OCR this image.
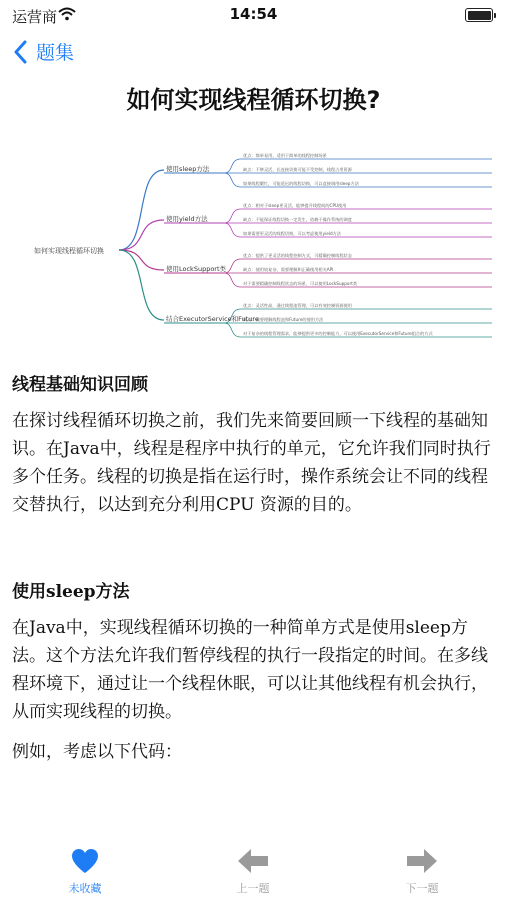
运营商	14:54
题集
如何实现线程循环切换?
如何实现线程循环切换
使用sleep方法
优点：简单易用，适用于简单的线程控制场景
缺点：不够灵活，长连接切换可能不受控制，线程占用资源
如果线程繁忙，可能延迟的线程切换，可以直接调用sleep方法
使用yield方法
优点：相对于sleep更灵活，能够提升线程间的CPU使用
缺点：不能保证线程切换一定发生，依赖于操作系统的调度
如果需要更灵活的线程切换，可以考虑使用yield方法
使用LockSupport类
优点：提供了更灵活的线程控制方式，可精确控制线程状态
缺点：使用较复杂，需要理解和正确使用相关API
对于需要精确控制线程状态的场景，可以使用LockSupport类
结合ExecutorService和Future
优点：灵活性高，通过线程池管理，可以有效控制资源使用
缺点：需要理解线程池和Future的使用方法
对于复杂的线程管理需求，能够提供更多的控制能力，可以使用ExecutorService和Future组合的方式
线程基础知识回顾
在探讨线程循环切换之前，我们先来简要回顾一下线程的基础知识。在Java中，线程是程序中执行的单元，它允许我们同时执行多个任务。线程的切换是指在运行时，操作系统会让不同的线程交替执行，以达到充分利用CPU 资源的目的。
使用sleep方法
在Java中，实现线程循环切换的一种简单方式是使用sleep方法。这个方法允许我们暂停线程的执行一段指定的时间。在多线程环境下，通过让一个线程休眠，可以让其他线程有机会执行，从而实现线程的切换。
例如，考虑以下代码：
未收藏	上一题	下一题
